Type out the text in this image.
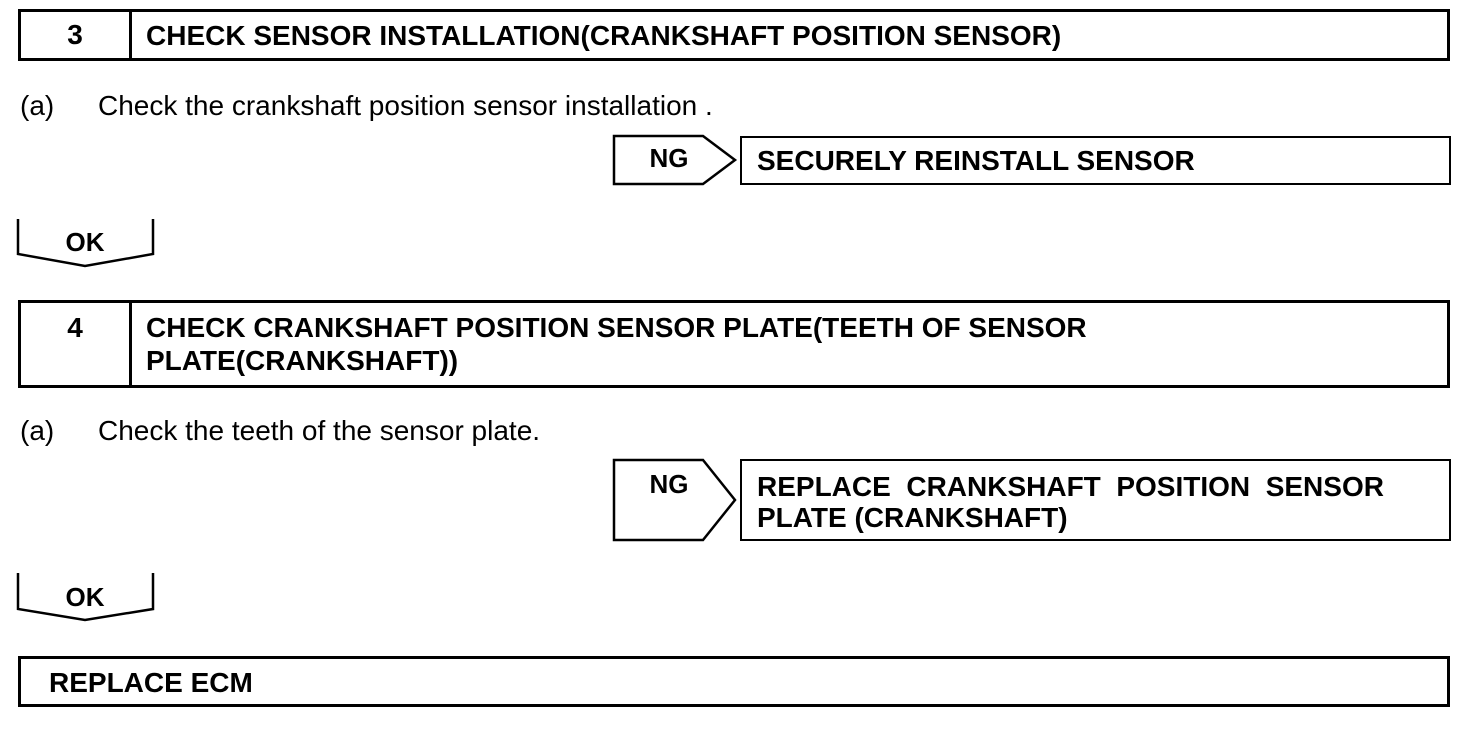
3	CHECK SENSOR INSTALLATION(CRANKSHAFT POSITION SENSOR)
(a) Check the crankshaft position sensor installation .
NG	SECURELY REINSTALL SENSOR
OK
4	CHECK CRANKSHAFT POSITION SENSOR PLATE(TEETH OF SENSOR
PLATE(CRANKSHAFT))
(a) Check the teeth of the sensor plate.
NG	REPLACE  CRANKSHAFT  POSITION  SENSOR
PLATE (CRANKSHAFT)
OK
REPLACE ECM
